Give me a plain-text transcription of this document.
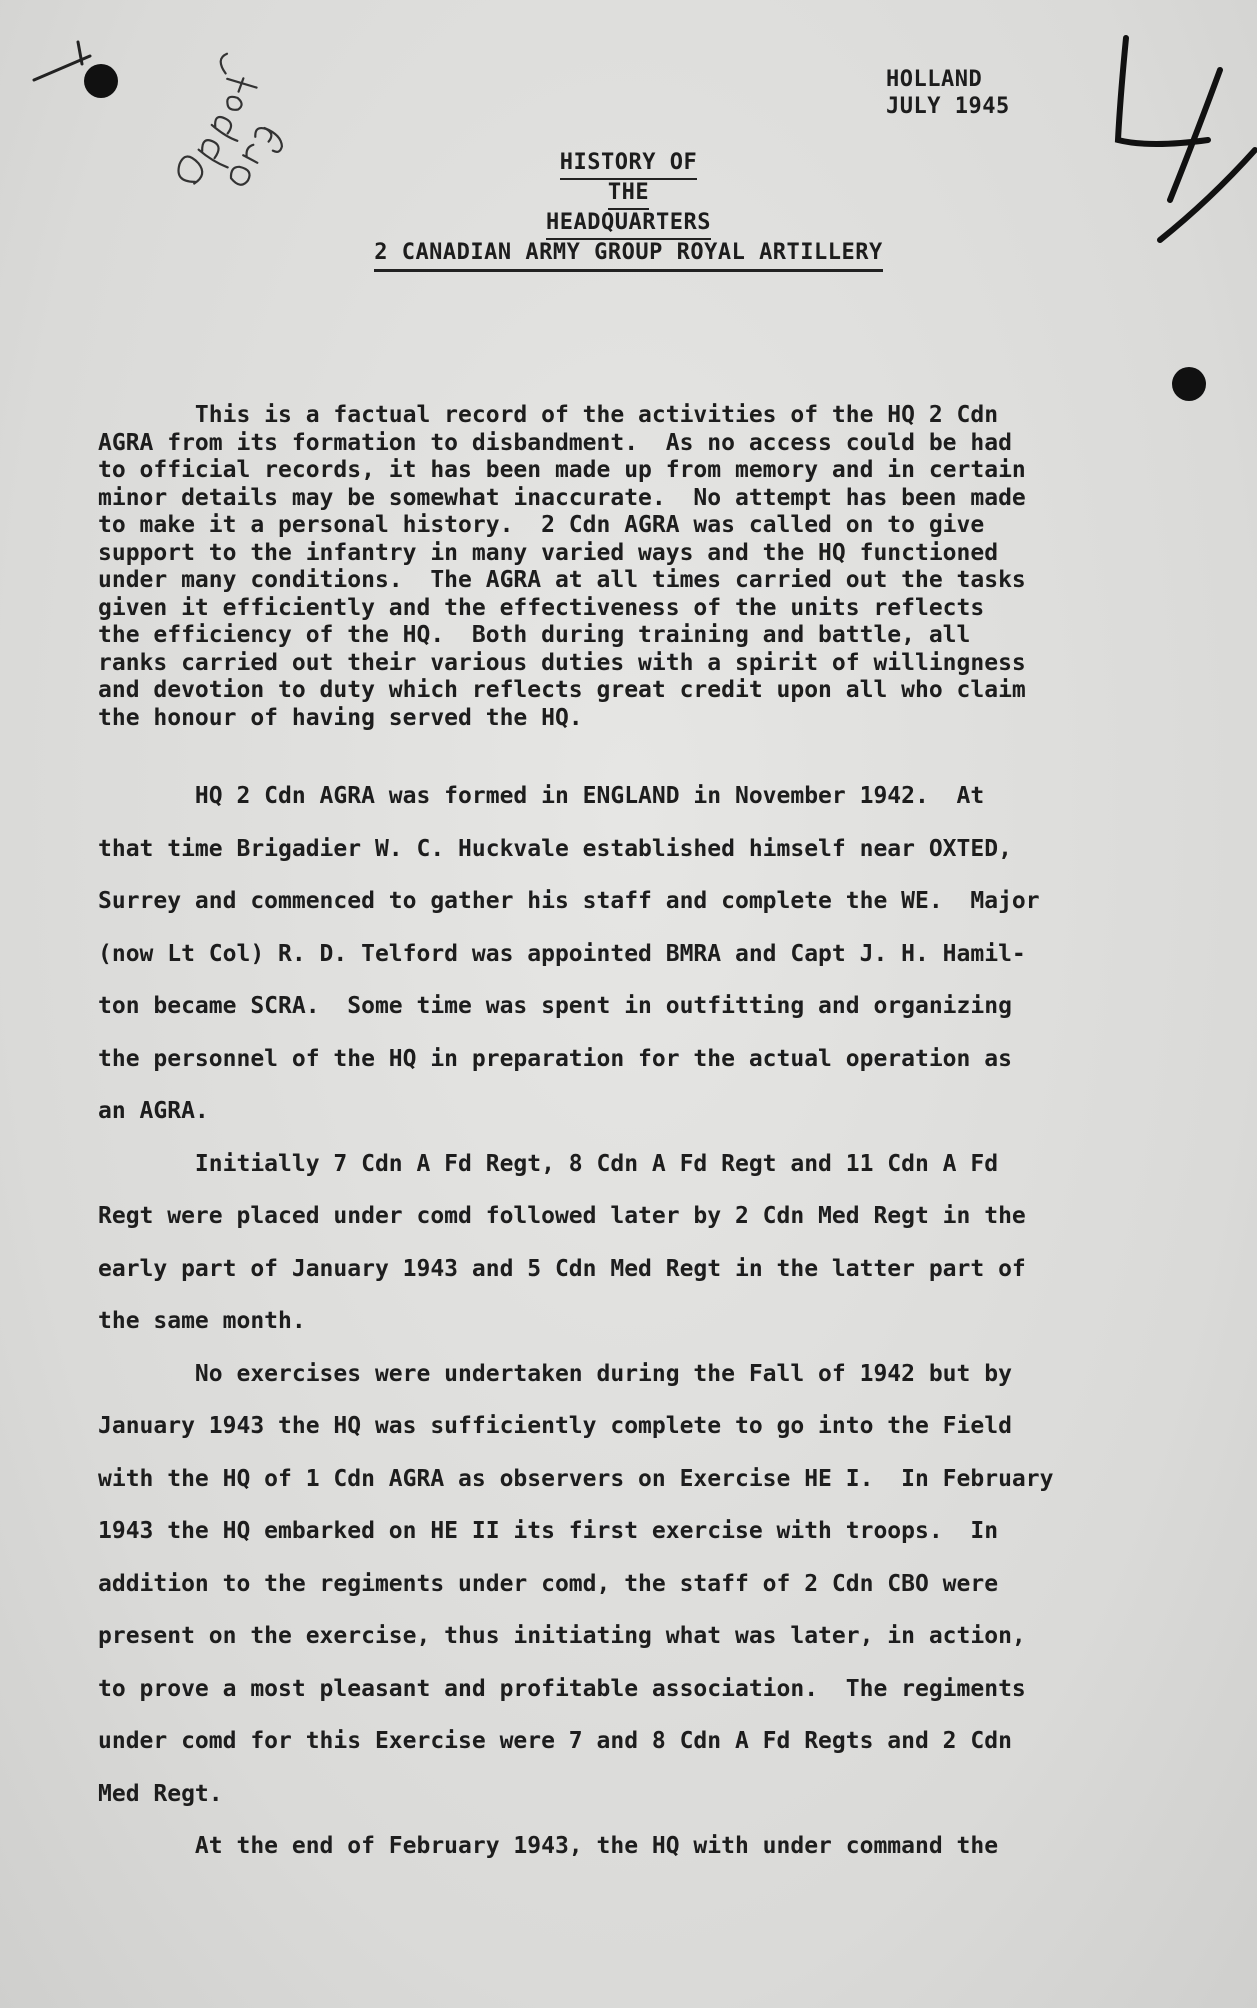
HOLLAND
JULY 1945
HISTORY OF
THE
HEADQUARTERS
2 CANADIAN ARMY GROUP ROYAL ARTILLERY
This is a factual record of the activities of the HQ 2 Cdn
AGRA from its formation to disbandment.  As no access could be had
to official records, it has been made up from memory and in certain
minor details may be somewhat inaccurate.  No attempt has been made
to make it a personal history.  2 Cdn AGRA was called on to give
support to the infantry in many varied ways and the HQ functioned
under many conditions.  The AGRA at all times carried out the tasks
given it efficiently and the effectiveness of the units reflects
the efficiency of the HQ.  Both during training and battle, all
ranks carried out their various duties with a spirit of willingness
and devotion to duty which reflects great credit upon all who claim
the honour of having served the HQ.
HQ 2 Cdn AGRA was formed in ENGLAND in November 1942.  At
that time Brigadier W. C. Huckvale established himself near OXTED,
Surrey and commenced to gather his staff and complete the WE.  Major
(now Lt Col) R. D. Telford was appointed BMRA and Capt J. H. Hamil-
ton became SCRA.  Some time was spent in outfitting and organizing
the personnel of the HQ in preparation for the actual operation as
an AGRA.
Initially 7 Cdn A Fd Regt, 8 Cdn A Fd Regt and 11 Cdn A Fd
Regt were placed under comd followed later by 2 Cdn Med Regt in the
early part of January 1943 and 5 Cdn Med Regt in the latter part of
the same month.
No exercises were undertaken during the Fall of 1942 but by
January 1943 the HQ was sufficiently complete to go into the Field
with the HQ of 1 Cdn AGRA as observers on Exercise HE I.  In February
1943 the HQ embarked on HE II its first exercise with troops.  In
addition to the regiments under comd, the staff of 2 Cdn CBO were
present on the exercise, thus initiating what was later, in action,
to prove a most pleasant and profitable association.  The regiments
under comd for this Exercise were 7 and 8 Cdn A Fd Regts and 2 Cdn
Med Regt.
At the end of February 1943, the HQ with under command the
